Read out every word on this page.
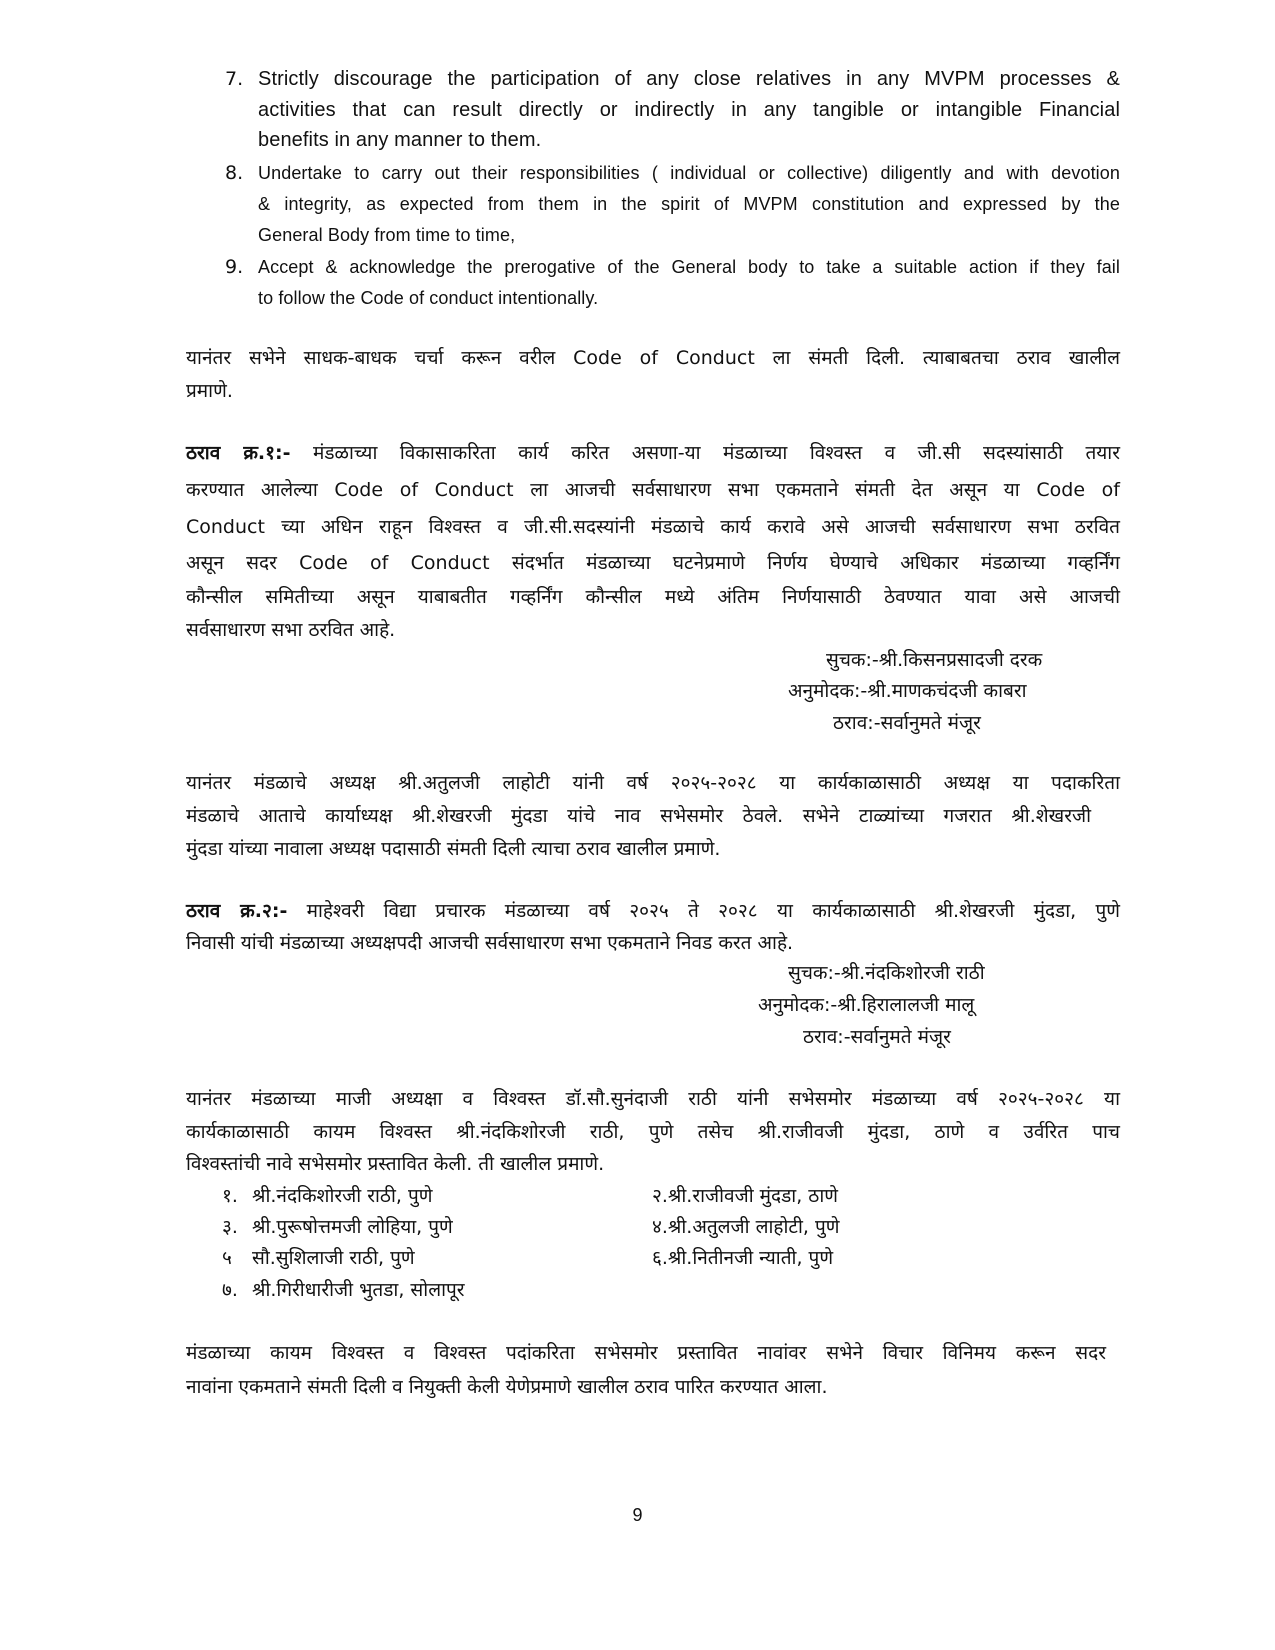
7. Strictly discourage the participation of any close relatives in any MVPM processes &
activities that can result directly or indirectly in any tangible or intangible Financial
benefits in any manner to them.
8. Undertake to carry out their responsibilities ( individual or collective) diligently and with devotion
& integrity, as expected from them in the spirit of MVPM constitution and expressed by the
General Body from time to time,
9. Accept & acknowledge the prerogative of the General body to take a suitable action if they fail
to follow the Code of conduct intentionally.
यानंतर सभेने साधक-बाधक चर्चा करून वरील Code of Conduct ला संमती दिली. त्याबाबतचा ठराव खालील
प्रमाणे.
ठराव क्र.१:- मंडळाच्या विकासाकरिता कार्य करित असणा-या मंडळाच्या विश्वस्त व जी.सी सदस्यांसाठी तयार
करण्यात आलेल्या Code of Conduct ला आजची सर्वसाधारण सभा एकमताने संमती देत असून या Code of
Conduct च्या अधिन राहून विश्वस्त व जी.सी.सदस्यांनी मंडळाचे कार्य करावे असे आजची सर्वसाधारण सभा ठरवित
असून सदर Code of Conduct संदर्भात मंडळाच्या घटनेप्रमाणे निर्णय घेण्याचे अधिकार मंडळाच्या गव्हर्निंग
कौन्सील समितीच्या असून याबाबतीत गव्हर्निंग कौन्सील मध्ये अंतिम निर्णयासाठी ठेवण्यात यावा असे आजची
सर्वसाधारण सभा ठरवित आहे.
सुचक:-श्री.किसनप्रसादजी दरक
अनुमोदक:-श्री.माणकचंदजी काबरा
ठराव:-सर्वानुमते मंजूर
यानंतर मंडळाचे अध्यक्ष श्री.अतुलजी लाहोटी यांनी वर्ष २०२५-२०२८ या कार्यकाळासाठी अध्यक्ष या पदाकरिता
मंडळाचे आताचे कार्याध्यक्ष श्री.शेखरजी मुंदडा यांचे नाव सभेसमोर ठेवले. सभेने टाळ्यांच्या गजरात श्री.शेखरजी
मुंदडा यांच्या नावाला अध्यक्ष पदासाठी संमती दिली त्याचा ठराव खालील प्रमाणे.
ठराव क्र.२:- माहेश्वरी विद्या प्रचारक मंडळाच्या वर्ष २०२५ ते २०२८ या कार्यकाळासाठी श्री.शेखरजी मुंदडा, पुणे
निवासी यांची मंडळाच्या अध्यक्षपदी आजची सर्वसाधारण सभा एकमताने निवड करत आहे.
सुचक:-श्री.नंदकिशोरजी राठी
अनुमोदक:-श्री.हिरालालजी मालू
ठराव:-सर्वानुमते मंजूर
यानंतर मंडळाच्या माजी अध्यक्षा व विश्वस्त डॉ.सौ.सुनंदाजी राठी यांनी सभेसमोर मंडळाच्या वर्ष २०२५-२०२८ या
कार्यकाळासाठी कायम विश्वस्त श्री.नंदकिशोरजी राठी, पुणे तसेच श्री.राजीवजी मुंदडा, ठाणे व उर्वरित पाच
विश्वस्तांची नावे सभेसमोर प्रस्तावित केली. ती खालील प्रमाणे.
१. श्री.नंदकिशोरजी राठी, पुणे	२.श्री.राजीवजी मुंदडा, ठाणे
३. श्री.पुरूषोत्तमजी लोहिया, पुणे	४.श्री.अतुलजी लाहोटी, पुणे
५ सौ.सुशिलाजी राठी, पुणे	६.श्री.नितीनजी न्याती, पुणे
७. श्री.गिरीधारीजी भुतडा, सोलापूर
मंडळाच्या कायम विश्वस्त व विश्वस्त पदांकरिता सभेसमोर प्रस्तावित नावांवर सभेने विचार विनिमय करून सदर
नावांना एकमताने संमती दिली व नियुक्ती केली येणेप्रमाणे खालील ठराव पारित करण्यात आला.
9
